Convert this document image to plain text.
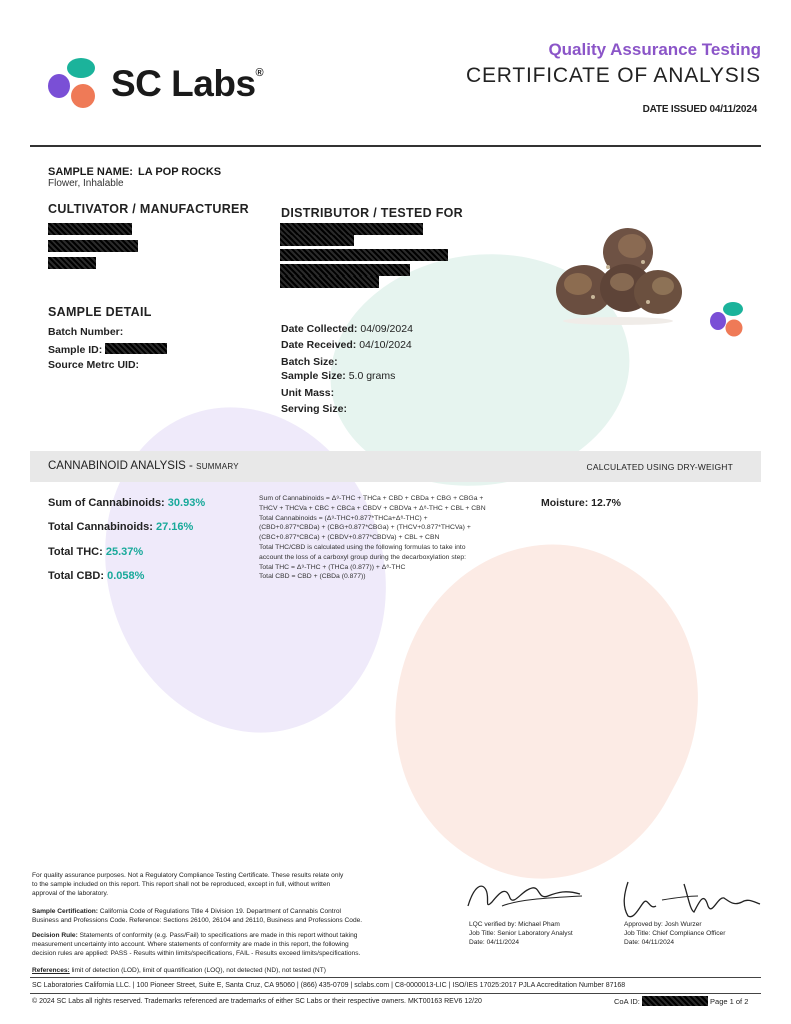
SC Labs®
Quality Assurance Testing
CERTIFICATE OF ANALYSIS
DATE ISSUED 04/11/2024
SAMPLE NAME: LA POP ROCKS
Flower, Inhalable
CULTIVATOR / MANUFACTURER	DISTRIBUTOR / TESTED FOR
SAMPLE DETAIL
Batch Number:
Sample ID:
Source Metrc UID:
Date Collected: 04/09/2024
Date Received: 04/10/2024
Batch Size:
Sample Size: 5.0 grams
Unit Mass:
Serving Size:
CANNABINOID ANALYSIS - SUMMARY	CALCULATED USING DRY-WEIGHT
Sum of Cannabinoids: 30.93%
Total Cannabinoids: 27.16%
Total THC: 25.37%
Total CBD: 0.058%
Sum of Cannabinoids = Δ⁹-THC + THCa + CBD + CBDa + CBG + CBGa +
THCV + THCVa + CBC + CBCa + CBDV + CBDVa + Δ⁸-THC + CBL + CBN
Total Cannabinoids = (Δ⁹-THC+0.877*THCa+Δ⁸-THC) +
(CBD+0.877*CBDa) + (CBG+0.877*CBGa) + (THCV+0.877*THCVa) +
(CBC+0.877*CBCa) + (CBDV+0.877*CBDVa) + CBL + CBN
Total THC/CBD is calculated using the following formulas to take into
account the loss of a carboxyl group during the decarboxylation step:
Total THC = Δ⁹-THC + (THCa (0.877)) + Δ⁸-THC
Total CBD = CBD + (CBDa (0.877))
Moisture: 12.7%
For quality assurance purposes. Not a Regulatory Compliance Testing Certificate. These results relate only
to the sample included on this report. This report shall not be reproduced, except in full, without written
approval of the laboratory.
Sample Certification: California Code of Regulations Title 4 Division 19. Department of Cannabis Control
Business and Professions Code. Reference: Sections 26100, 26104 and 26110, Business and Professions Code.
Decision Rule: Statements of conformity (e.g. Pass/Fail) to specifications are made in this report without taking
measurement uncertainty into account. Where statements of conformity are made in this report, the following
decision rules are applied: PASS - Results within limits/specifications, FAIL - Results exceed limits/specifications.
References: limit of detection (LOD), limit of quantification (LOQ), not detected (ND), not tested (NT)
LQC verified by: Michael Pham
Job Title: Senior Laboratory Analyst
Date: 04/11/2024
Approved by: Josh Wurzer
Job Title: Chief Compliance Officer
Date: 04/11/2024
SC Laboratories California LLC. | 100 Pioneer Street, Suite E, Santa Cruz, CA 95060 | (866) 435-0709 | sclabs.com | C8-0000013-LIC | ISO/IES 17025:2017 PJLA Accreditation Number 87168
© 2024 SC Labs all rights reserved. Trademarks referenced are trademarks of either SC Labs or their respective owners. MKT00163 REV6 12/20	CoA ID:	Page 1 of 2
